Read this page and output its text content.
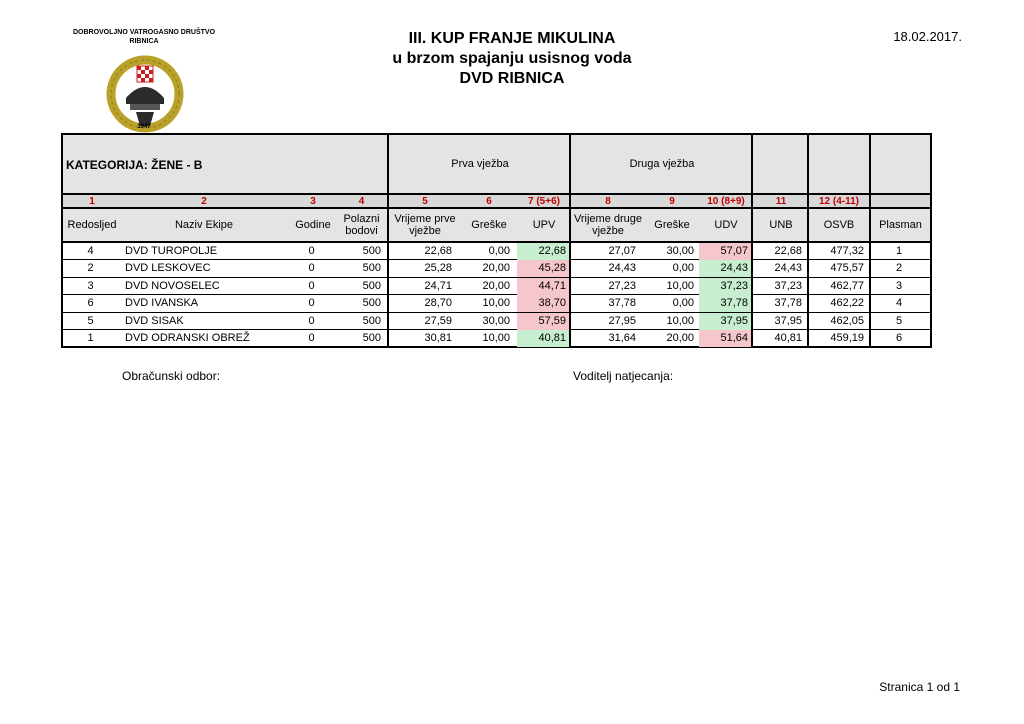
DOBROVOLJNO VATROGASNO DRUŠTVO
RIBNICA
1947
III. KUP FRANJE MIKULINA
u brzom spajanju usisnog voda
DVD RIBNICA
18.02.2017.
KATEGORIJA: ŽENE - B	Prva vježba	Druga vježba
1	2	3	4	5	6	7 (5+6)	8	9	10 (8+9)	11	12 (4-11)
Redoslјed	Naziv Ekipe	Godine	Polazni bodovi
Vrijeme prve vježbe	Greške	UPV	Vrijeme druge vježbe	Greške	UDV	UNB	OSVB	Plasman
4	DVD TUROPOLJE	0	500	22,68	0,00	22,68	27,07	30,00	57,07	22,68	477,32	1
2	DVD LESKOVEC	0	500	25,28	20,00	45,28	24,43	0,00	24,43	24,43	475,57	2
3	DVD NOVOSELEC	0	500	24,71	20,00	44,71	27,23	10,00	37,23	37,23	462,77	3
6	DVD IVANSKA	0	500	28,70	10,00	38,70	37,78	0,00	37,78	37,78	462,22	4
5	DVD SISAK	0	500	27,59	30,00	57,59	27,95	10,00	37,95	37,95	462,05	5
1	DVD ODRANSKI OBREŽ	0	500	30,81	10,00	40,81	31,64	20,00	51,64	40,81	459,19	6
Obračunski odbor:	Voditelj natjecanja:
Stranica 1 od 1
